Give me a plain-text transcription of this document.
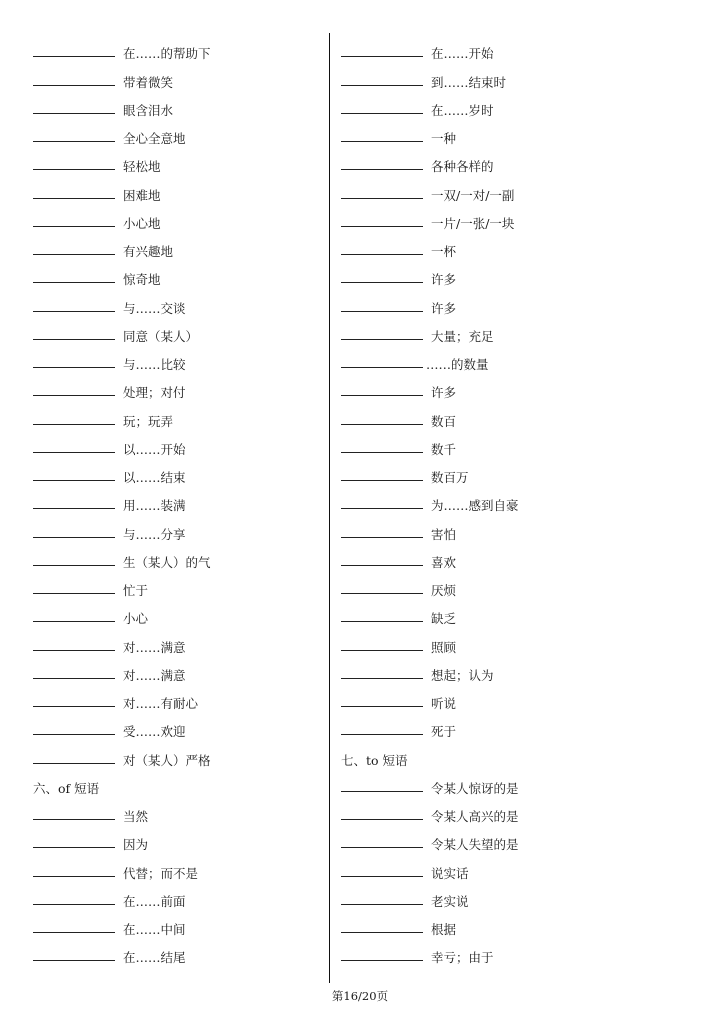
在……的帮助下
带着微笑
眼含泪水
全心全意地
轻松地
困难地
小心地
有兴趣地
惊奇地
与……交谈
同意（某人）
与……比较
处理；对付
玩；玩弄
以……开始
以……结束
用……装满
与……分享
生（某人）的气
忙于
小心
对……满意
对……满意
对……有耐心
受……欢迎
对（某人）严格
六、of 短语
当然
因为
代替；而不是
在……前面
在……中间
在……结尾
在……开始
到……结束时
在……岁时
一种
各种各样的
一双/一对/一副
一片/一张/一块
一杯
许多
许多
大量；充足
……的数量
许多
数百
数千
数百万
为……感到自豪
害怕
喜欢
厌烦
缺乏
照顾
想起；认为
听说
死于
七、to 短语
令某人惊讶的是
令某人高兴的是
令某人失望的是
说实话
老实说
根据
幸亏；由于
第16/20页
